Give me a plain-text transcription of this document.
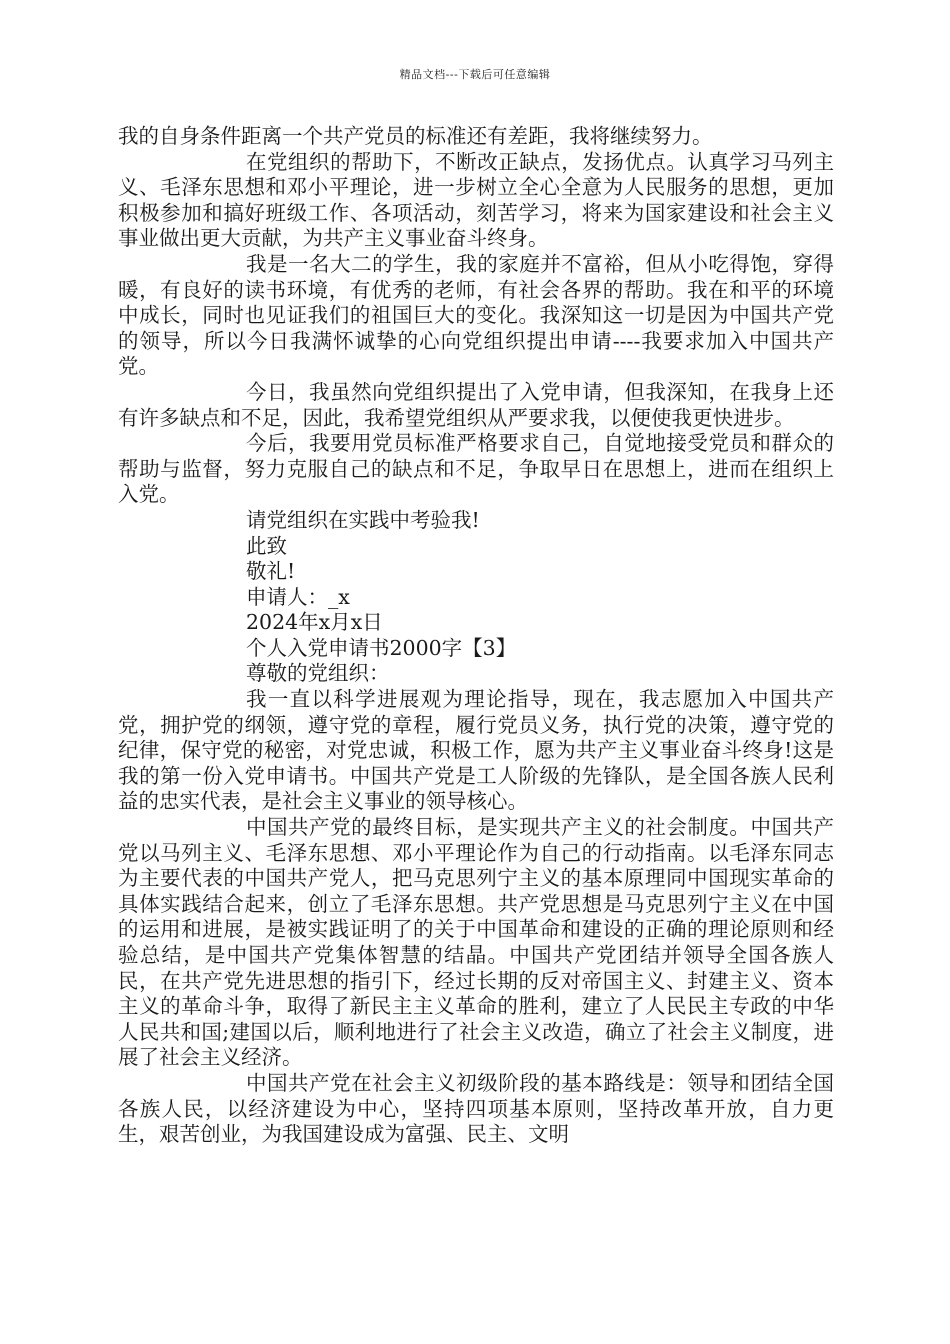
精品文档---下载后可任意编辑

我的自身条件距离一个共产党员的标准还有差距，我将继续努力。

在党组织的帮助下，不断改正缺点，发扬优点。认真学习马列主义、毛泽东思想和邓小平理论，进一步树立全心全意为人民服务的思想，更加积极参加和搞好班级工作、各项活动，刻苦学习，将来为国家建设和社会主义事业做出更大贡献，为共产主义事业奋斗终身。

我是一名大二的学生，我的家庭并不富裕，但从小吃得饱，穿得暖，有良好的读书环境，有优秀的老师，有社会各界的帮助。我在和平的环境中成长，同时也见证我们的祖国巨大的变化。我深知这一切是因为中国共产党的领导，所以今日我满怀诚挚的心向党组织提出申请----我要求加入中国共产党。

今日，我虽然向党组织提出了入党申请，但我深知，在我身上还有许多缺点和不足，因此，我希望党组织从严要求我，以便使我更快进步。

今后，我要用党员标准严格要求自己，自觉地接受党员和群众的帮助与监督，努力克服自己的缺点和不足，争取早日在思想上，进而在组织上入党。

请党组织在实践中考验我!

此致

敬礼!

申请人：_x

2024年x月x日

个人入党申请书2000字【3】

尊敬的党组织：

我一直以科学进展观为理论指导，现在，我志愿加入中国共产党，拥护党的纲领，遵守党的章程，履行党员义务，执行党的决策，遵守党的纪律，保守党的秘密，对党忠诚，积极工作，愿为共产主义事业奋斗终身!这是我的第一份入党申请书。中国共产党是工人阶级的先锋队，是全国各族人民利益的忠实代表，是社会主义事业的领导核心。

中国共产党的最终目标，是实现共产主义的社会制度。中国共产党以马列主义、毛泽东思想、邓小平理论作为自己的行动指南。以毛泽东同志为主要代表的中国共产党人，把马克思列宁主义的基本原理同中国现实革命的具体实践结合起来，创立了毛泽东思想。共产党思想是马克思列宁主义在中国的运用和进展，是被实践证明了的关于中国革命和建设的正确的理论原则和经验总结，是中国共产党集体智慧的结晶。中国共产党团结并领导全国各族人民，在共产党先进思想的指引下，经过长期的反对帝国主义、封建主义、资本主义的革命斗争，取得了新民主主义革命的胜利，建立了人民民主专政的中华人民共和国;建国以后，顺利地进行了社会主义改造，确立了社会主义制度，进展了社会主义经济。

中国共产党在社会主义初级阶段的基本路线是：领导和团结全国各族人民，以经济建设为中心，坚持四项基本原则，坚持改革开放，自力更生，艰苦创业，为我国建设成为富强、民主、文明
